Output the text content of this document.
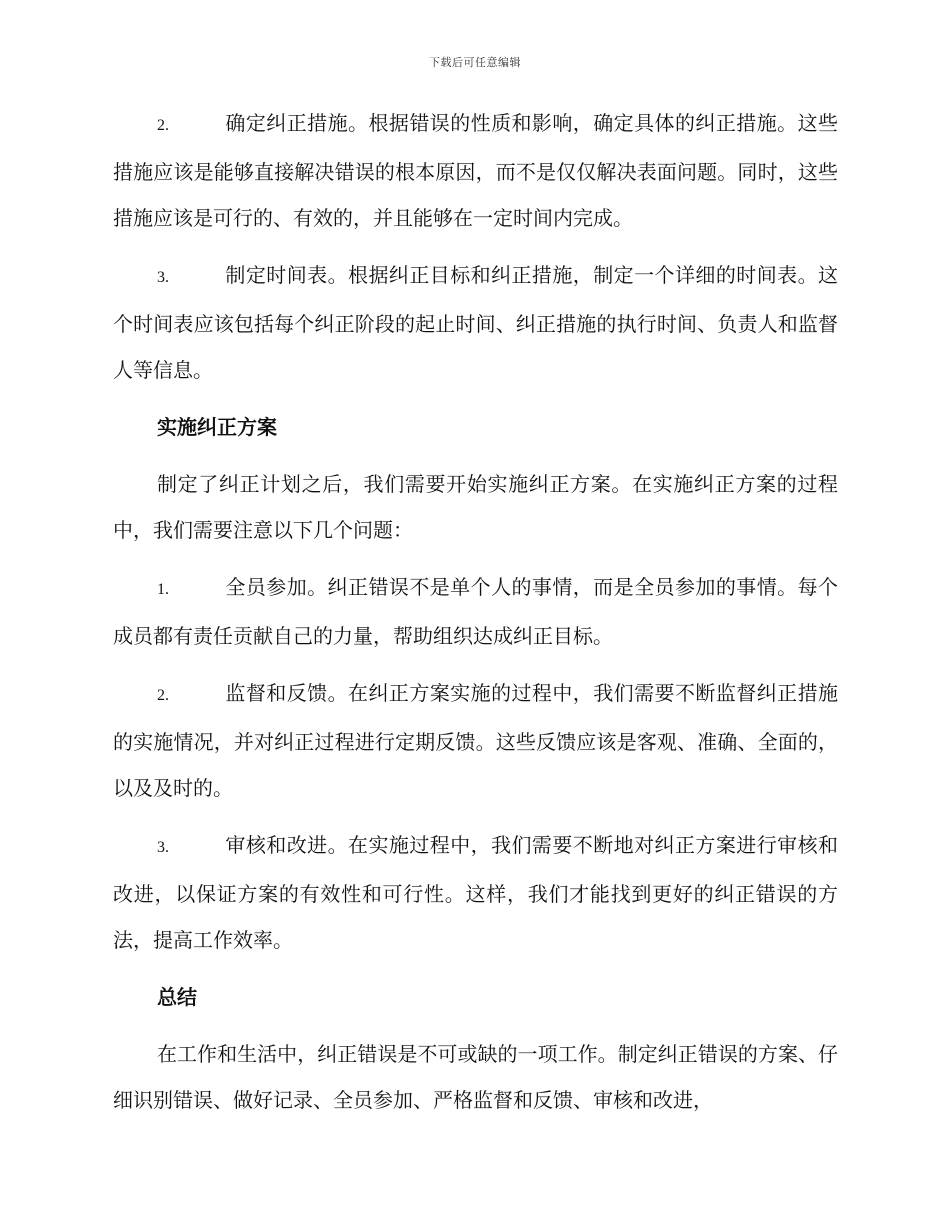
下载后可任意编辑

2.	确定纠正措施。根据错误的性质和影响，确定具体的纠正措施。这些措施应该是能够直接解决错误的根本原因，而不是仅仅解决表面问题。同时，这些措施应该是可行的、有效的，并且能够在一定时间内完成。

3.	制定时间表。根据纠正目标和纠正措施，制定一个详细的时间表。这个时间表应该包括每个纠正阶段的起止时间、纠正措施的执行时间、负责人和监督人等信息。

实施纠正方案

制定了纠正计划之后，我们需要开始实施纠正方案。在实施纠正方案的过程中，我们需要注意以下几个问题：

1.	全员参加。纠正错误不是单个人的事情，而是全员参加的事情。每个成员都有责任贡献自己的力量，帮助组织达成纠正目标。

2.	监督和反馈。在纠正方案实施的过程中，我们需要不断监督纠正措施的实施情况，并对纠正过程进行定期反馈。这些反馈应该是客观、准确、全面的，以及及时的。

3.	审核和改进。在实施过程中，我们需要不断地对纠正方案进行审核和改进，以保证方案的有效性和可行性。这样，我们才能找到更好的纠正错误的方法，提高工作效率。

总结

在工作和生活中，纠正错误是不可或缺的一项工作。制定纠正错误的方案、仔细识别错误、做好记录、全员参加、严格监督和反馈、审核和改进，
